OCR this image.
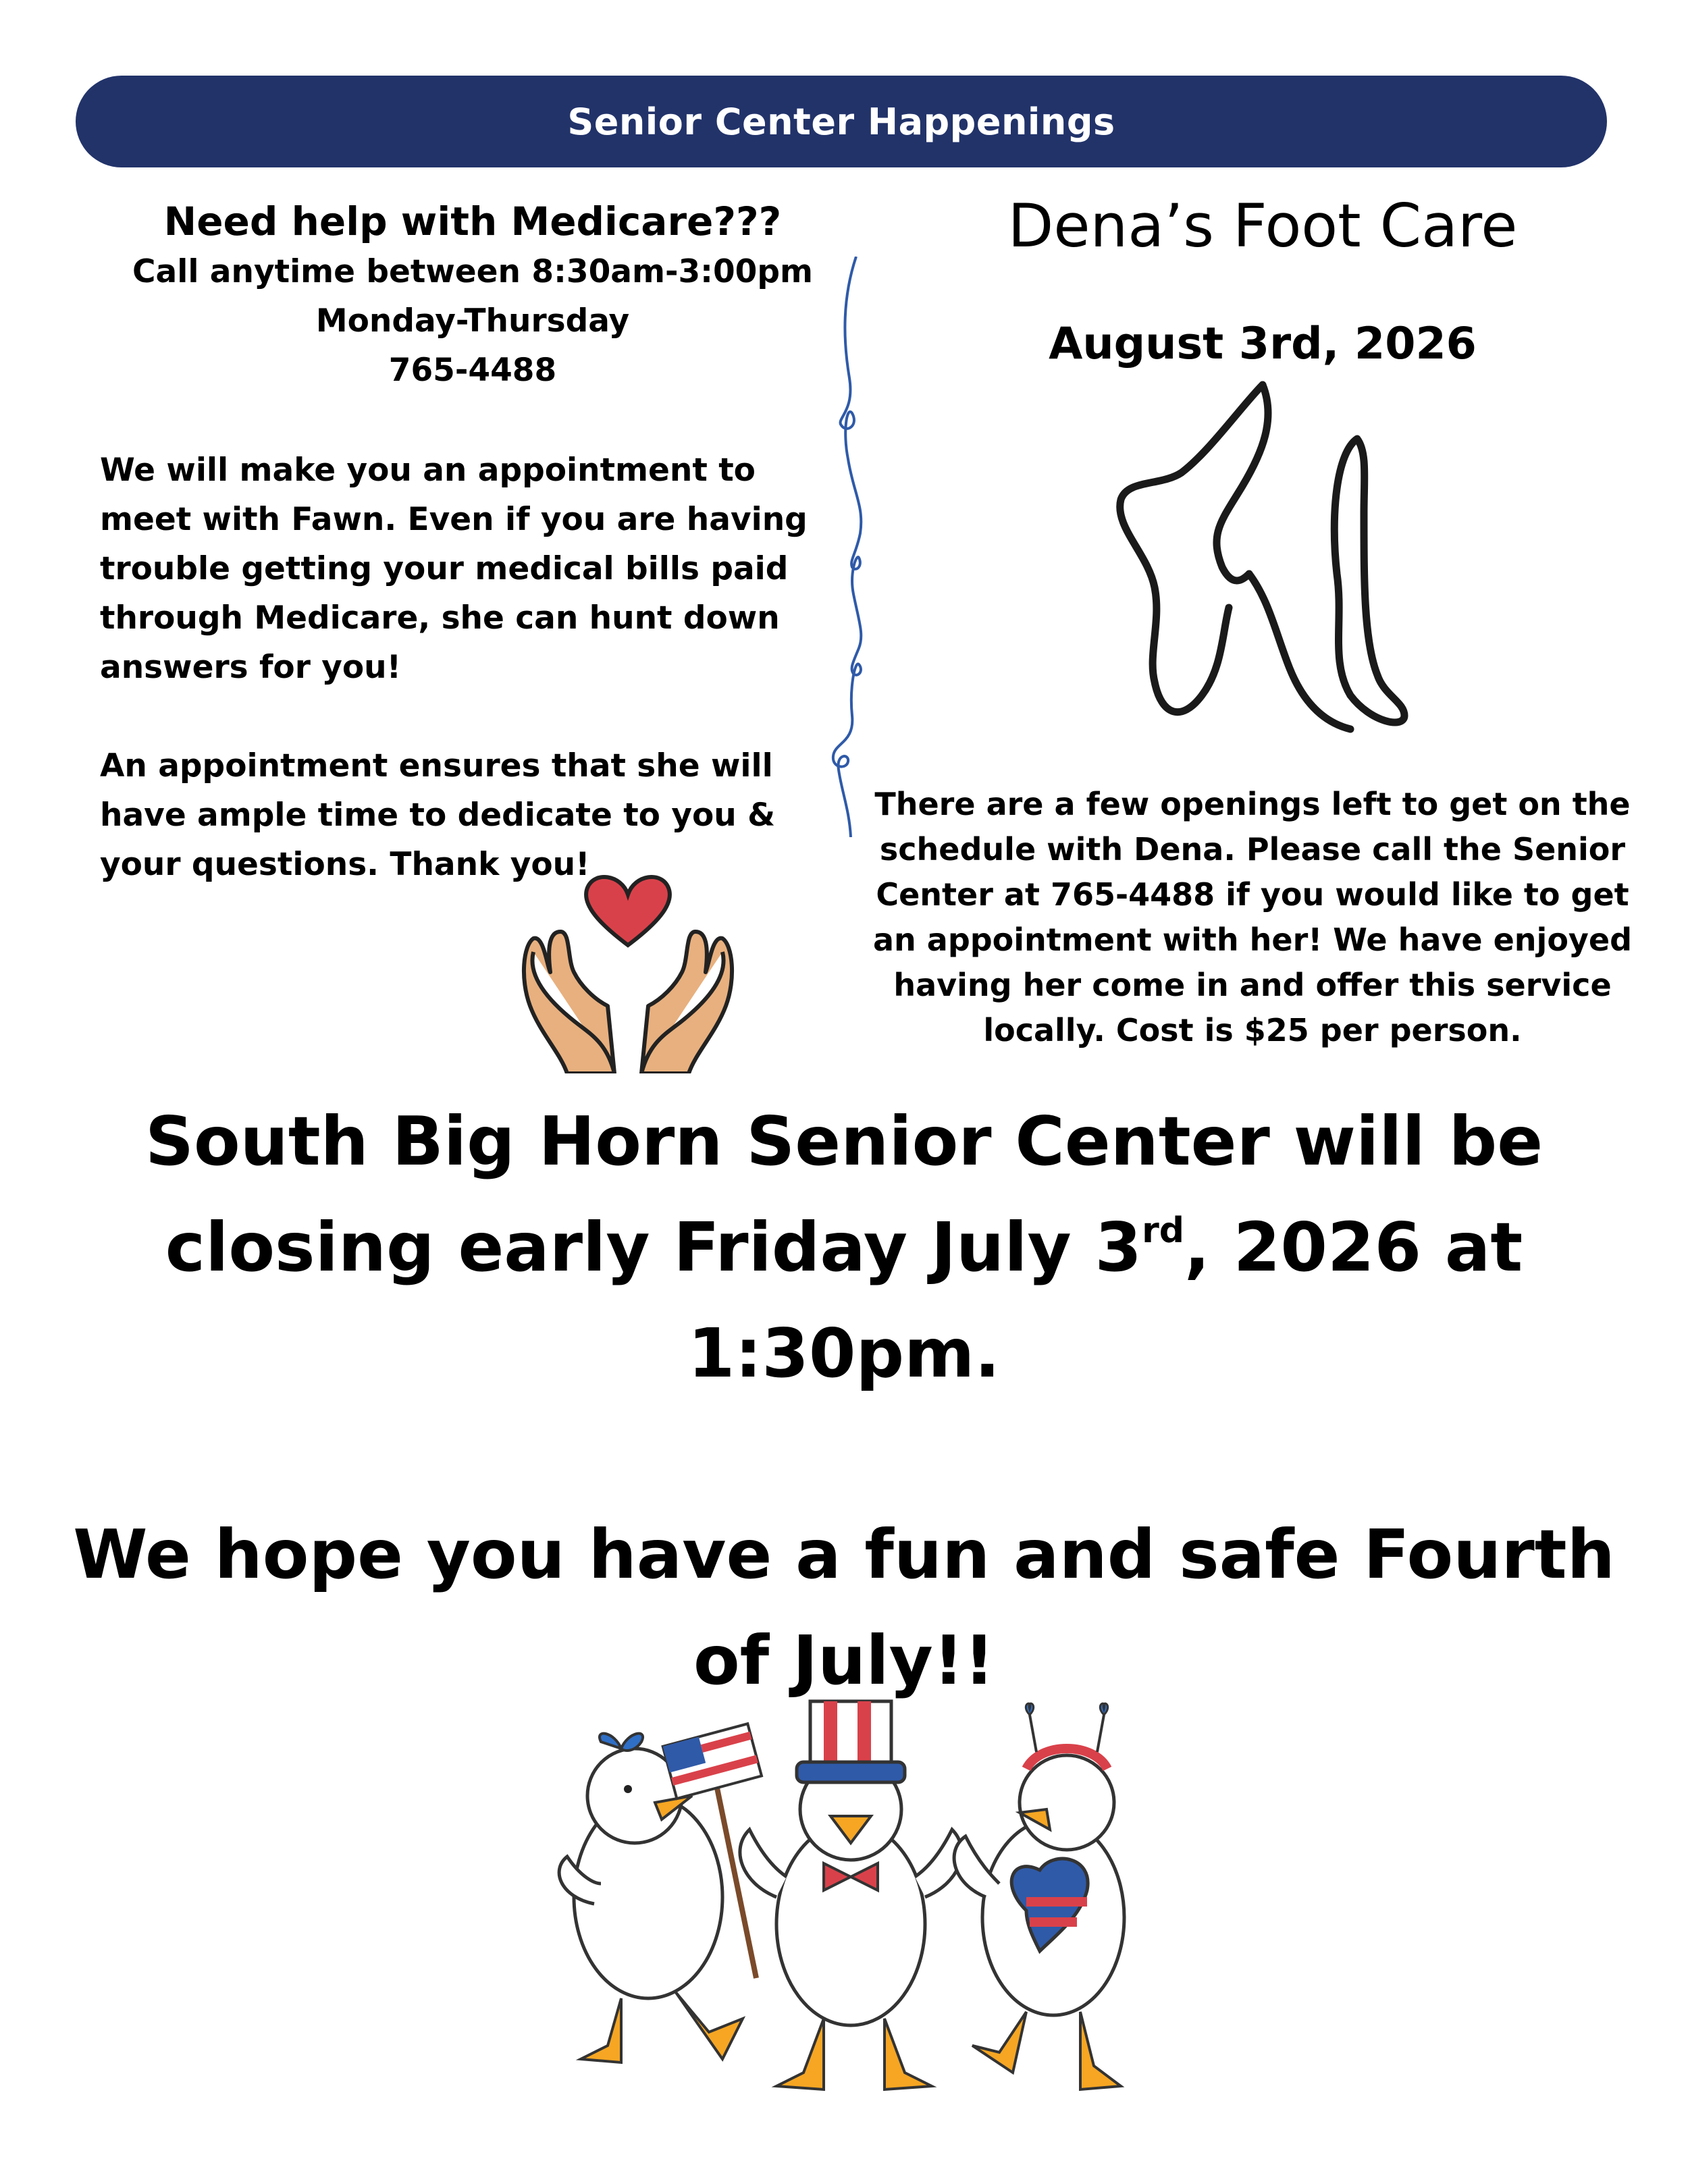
Senior Center Happenings
Need help with Medicare???
Call anytime between 8:30am-3:00pm
Monday-Thursday
765-4488

We will make you an appointment to meet with Fawn. Even if you are having trouble getting your medical bills paid through Medicare, she can hunt down answers for you!

An appointment ensures that she will have ample time to dedicate to you & your questions. Thank you!

Dena’s Foot Care
August 3rd, 2026
There are a few openings left to get on the schedule with Dena. Please call the Senior Center at 765-4488 if you would like to get an appointment with her! We have enjoyed having her come in and offer this service locally. Cost is $25 per person.
South Big Horn Senior Center will be closing early Friday July 3rd, 2026 at 1:30pm.
We hope you have a fun and safe Fourth of July!!
